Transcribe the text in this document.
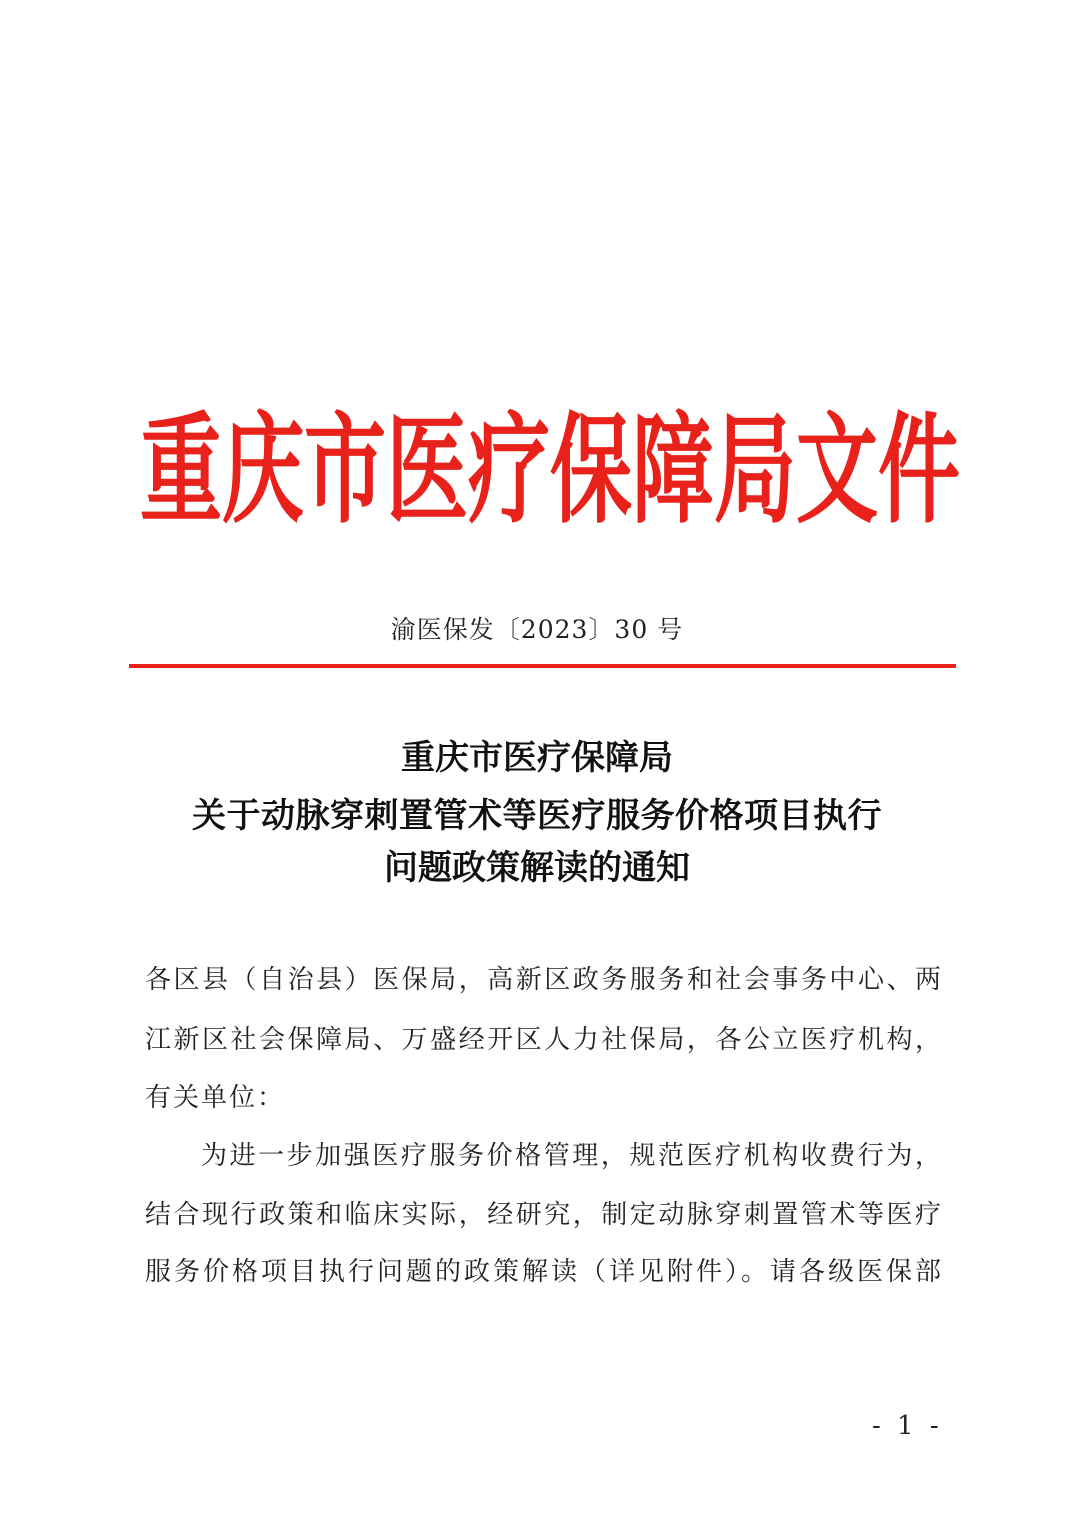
重 庆 市 医 疗 保 障 局 文 件
渝医保发〔2023〕30 号
重庆市医疗保障局
关于动脉穿刺置管术等医疗服务价格项目执行
问题政策解读的通知
各区县（自治县）医保局，高新区政务服务和社会事务中心、两
江新区社会保障局、万盛经开区人力社保局，各公立医疗机构，
有关单位：
为进一步加强医疗服务价格管理，规范医疗机构收费行为，
结合现行政策和临床实际，经研究，制定动脉穿刺置管术等医疗
服务价格项目执行问题的政策解读（详见附件）。请各级医保部
- 1 -
